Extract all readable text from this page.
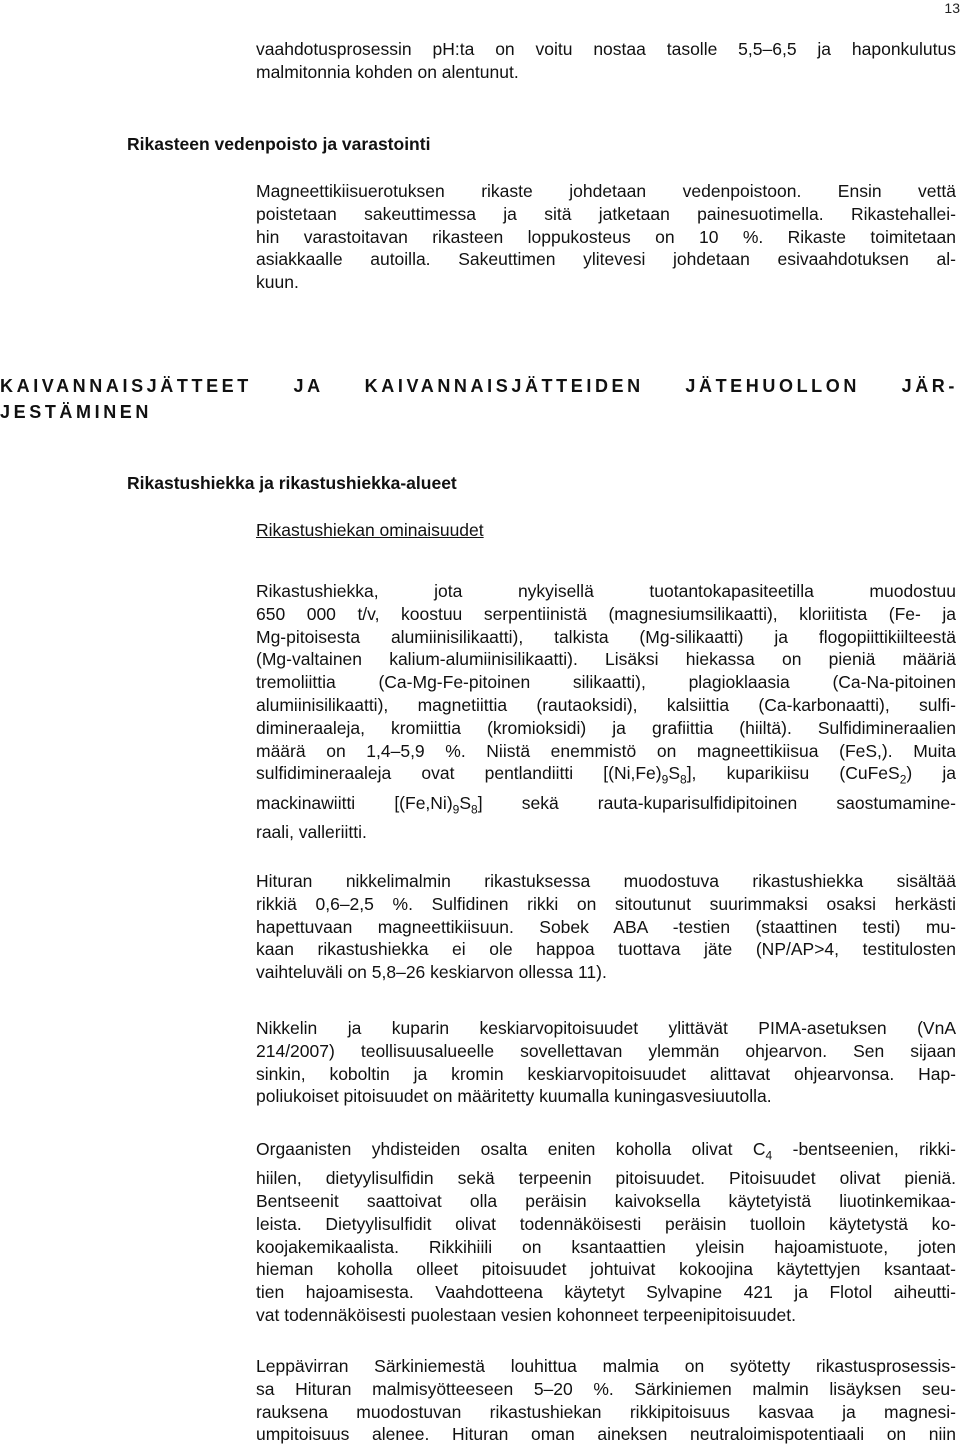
13
vaahdotusprosessin pH:ta on voitu nostaa tasolle 5,5–6,5 ja haponkulutus
malmitonnia kohden on alentunut.
Rikasteen vedenpoisto ja varastointi
Magneettikiisuerotuksen rikaste johdetaan vedenpoistoon. Ensin vettä
poistetaan sakeuttimessa ja sitä jatketaan painesuotimella. Rikastehallei-
hin varastoitavan rikasteen loppukosteus on 10 %. Rikaste toimitetaan
asiakkaalle autoilla. Sakeuttimen ylitevesi johdetaan esivaahdotuksen al-
kuun.
KAIVANNAISJÄTTEET JA KAIVANNAISJÄTTEIDEN JÄTEHUOLLON JÄR-
JESTÄMINEN
Rikastushiekka ja rikastushiekka-alueet
Rikastushiekan ominaisuudet
Rikastushiekka, jota nykyisellä tuotantokapasiteetilla muodostuu
650 000 t/v, koostuu serpentiinistä (magnesiumsilikaatti), kloriitista (Fe- ja
Mg-pitoisesta alumiinisilikaatti), talkista (Mg-silikaatti) ja flogopiittikiilteestä
(Mg-valtainen kalium-alumiinisilikaatti). Lisäksi hiekassa on pieniä määriä
tremoliittia (Ca-Mg-Fe-pitoinen silikaatti), plagioklaasia (Ca-Na-pitoinen
alumiinisilikaatti), magnetiittia (rautaoksidi), kalsiittia (Ca-karbonaatti), sulfi-
dimineraaleja, kromiittia (kromioksidi) ja grafiittia (hiiltä). Sulfidimineraalien
määrä on 1,4–5,9 %. Niistä enemmistö on magneettikiisua (FeS,). Muita
sulfidimineraaleja ovat pentlandiitti $[(Ni,Fe)_9S_8]$, kuparikiisu (CuFeS$_2$) ja
mackinawiitti $[(Fe,Ni)_9S_8]$ sekä rauta-kuparisulfidipitoinen saostumamine-
raali, valleriitti.
Hituran nikkelimalmin rikastuksessa muodostuva rikastushiekka sisältää
rikkiä 0,6–2,5 %. Sulfidinen rikki on sitoutunut suurimmaksi osaksi herkästi
hapettuvaan magneettikiisuun. Sobek ABA -testien (staattinen testi) mu-
kaan rikastushiekka ei ole happoa tuottava jäte (NP/AP>4, testitulosten
vaihteluväli on 5,8–26 keskiarvon ollessa 11).
Nikkelin ja kuparin keskiarvopitoisuudet ylittävät PIMA-asetuksen (VnA
214/2007) teollisuusalueelle sovellettavan ylemmän ohjearvon. Sen sijaan
sinkin, koboltin ja kromin keskiarvopitoisuudet alittavat ohjearvonsa. Hap-
poliukoiset pitoisuudet on määritetty kuumalla kuningasvesiuutolla.
Orgaanisten yhdisteiden osalta eniten koholla olivat $C_4$ -bentseenien, rikki-
hiilen, dietyylisulfidin sekä terpeenin pitoisuudet. Pitoisuudet olivat pieniä.
Bentseenit saattoivat olla peräisin kaivoksella käytetyistä liuotinkemikaa-
leista. Dietyylisulfidit olivat todennäköisesti peräisin tuolloin käytetystä ko-
koojakemikaalista. Rikkihiili on ksantaattien yleisin hajoamistuote, joten
hieman koholla olleet pitoisuudet johtuivat kokoojina käytettyjen ksantaat-
tien hajoamisesta. Vaahdotteena käytetyt Sylvapine 421 ja Flotol aiheutti-
vat todennäköisesti puolestaan vesien kohonneet terpeenipitoisuudet.
Leppävirran Särkiniemestä louhittua malmia on syötetty rikastusprosessis-
sa Hituran malmisyötteeseen 5–20 %. Särkiniemen malmin lisäyksen seu-
rauksena muodostuvan rikastushiekan rikkipitoisuus kasvaa ja magnesi-
umpitoisuus alenee. Hituran oman aineksen neutraloimispotentiaali on niin
